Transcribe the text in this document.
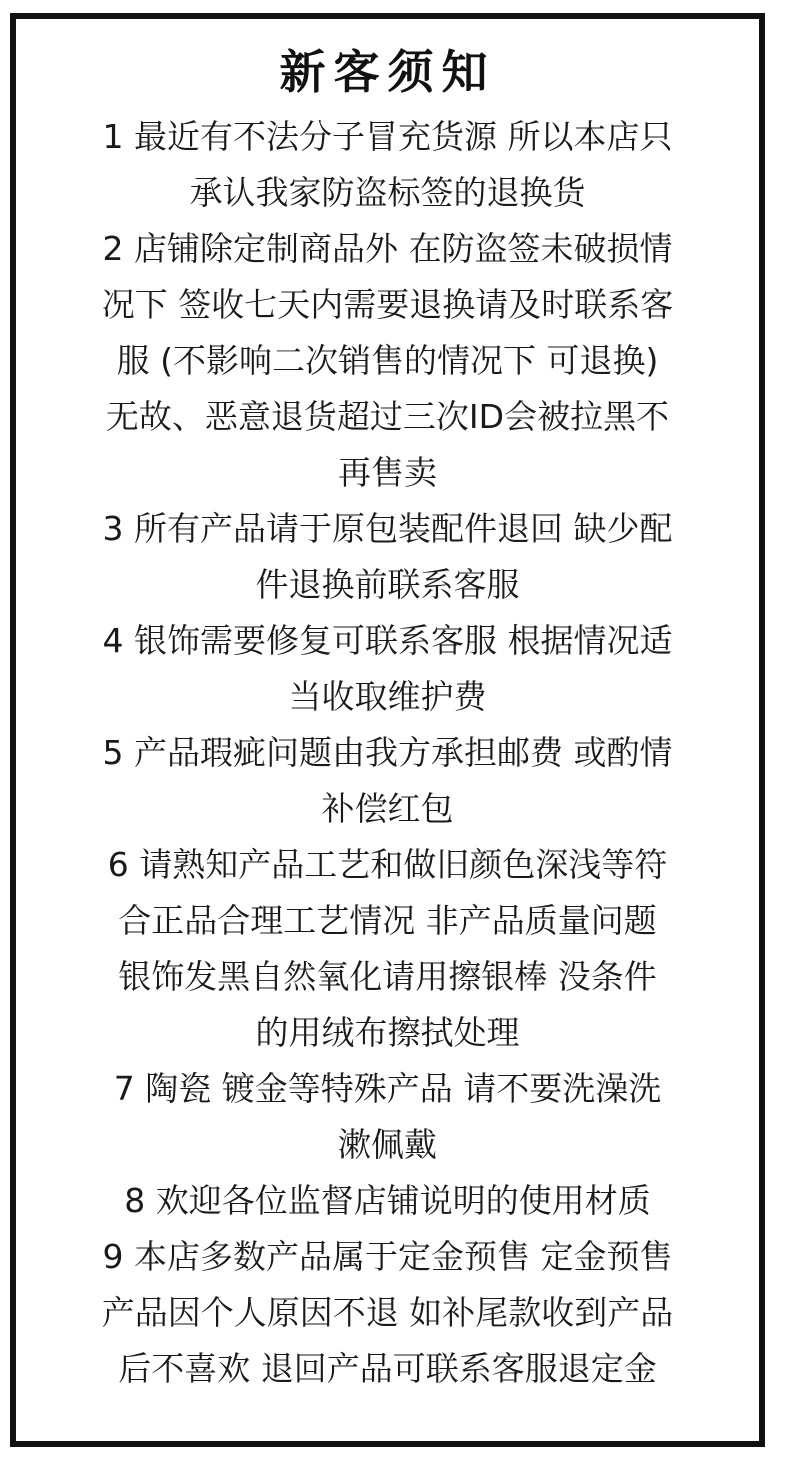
新客须知
1 最近有不法分子冒充货源 所以本店只
承认我家防盗标签的退换货
2 店铺除定制商品外 在防盗签未破损情
况下 签收七天内需要退换请及时联系客
服 (不影响二次销售的情况下 可退换)
无故、恶意退货超过三次ID会被拉黑不
再售卖
3 所有产品请于原包装配件退回 缺少配
件退换前联系客服
4 银饰需要修复可联系客服 根据情况适
当收取维护费
5 产品瑕疵问题由我方承担邮费 或酌情
补偿红包
6 请熟知产品工艺和做旧颜色深浅等符
合正品合理工艺情况 非产品质量问题
银饰发黑自然氧化请用擦银棒 没条件
的用绒布擦拭处理
7 陶瓷 镀金等特殊产品 请不要洗澡洗
漱佩戴
8 欢迎各位监督店铺说明的使用材质
9 本店多数产品属于定金预售 定金预售
产品因个人原因不退 如补尾款收到产品
后不喜欢 退回产品可联系客服退定金
